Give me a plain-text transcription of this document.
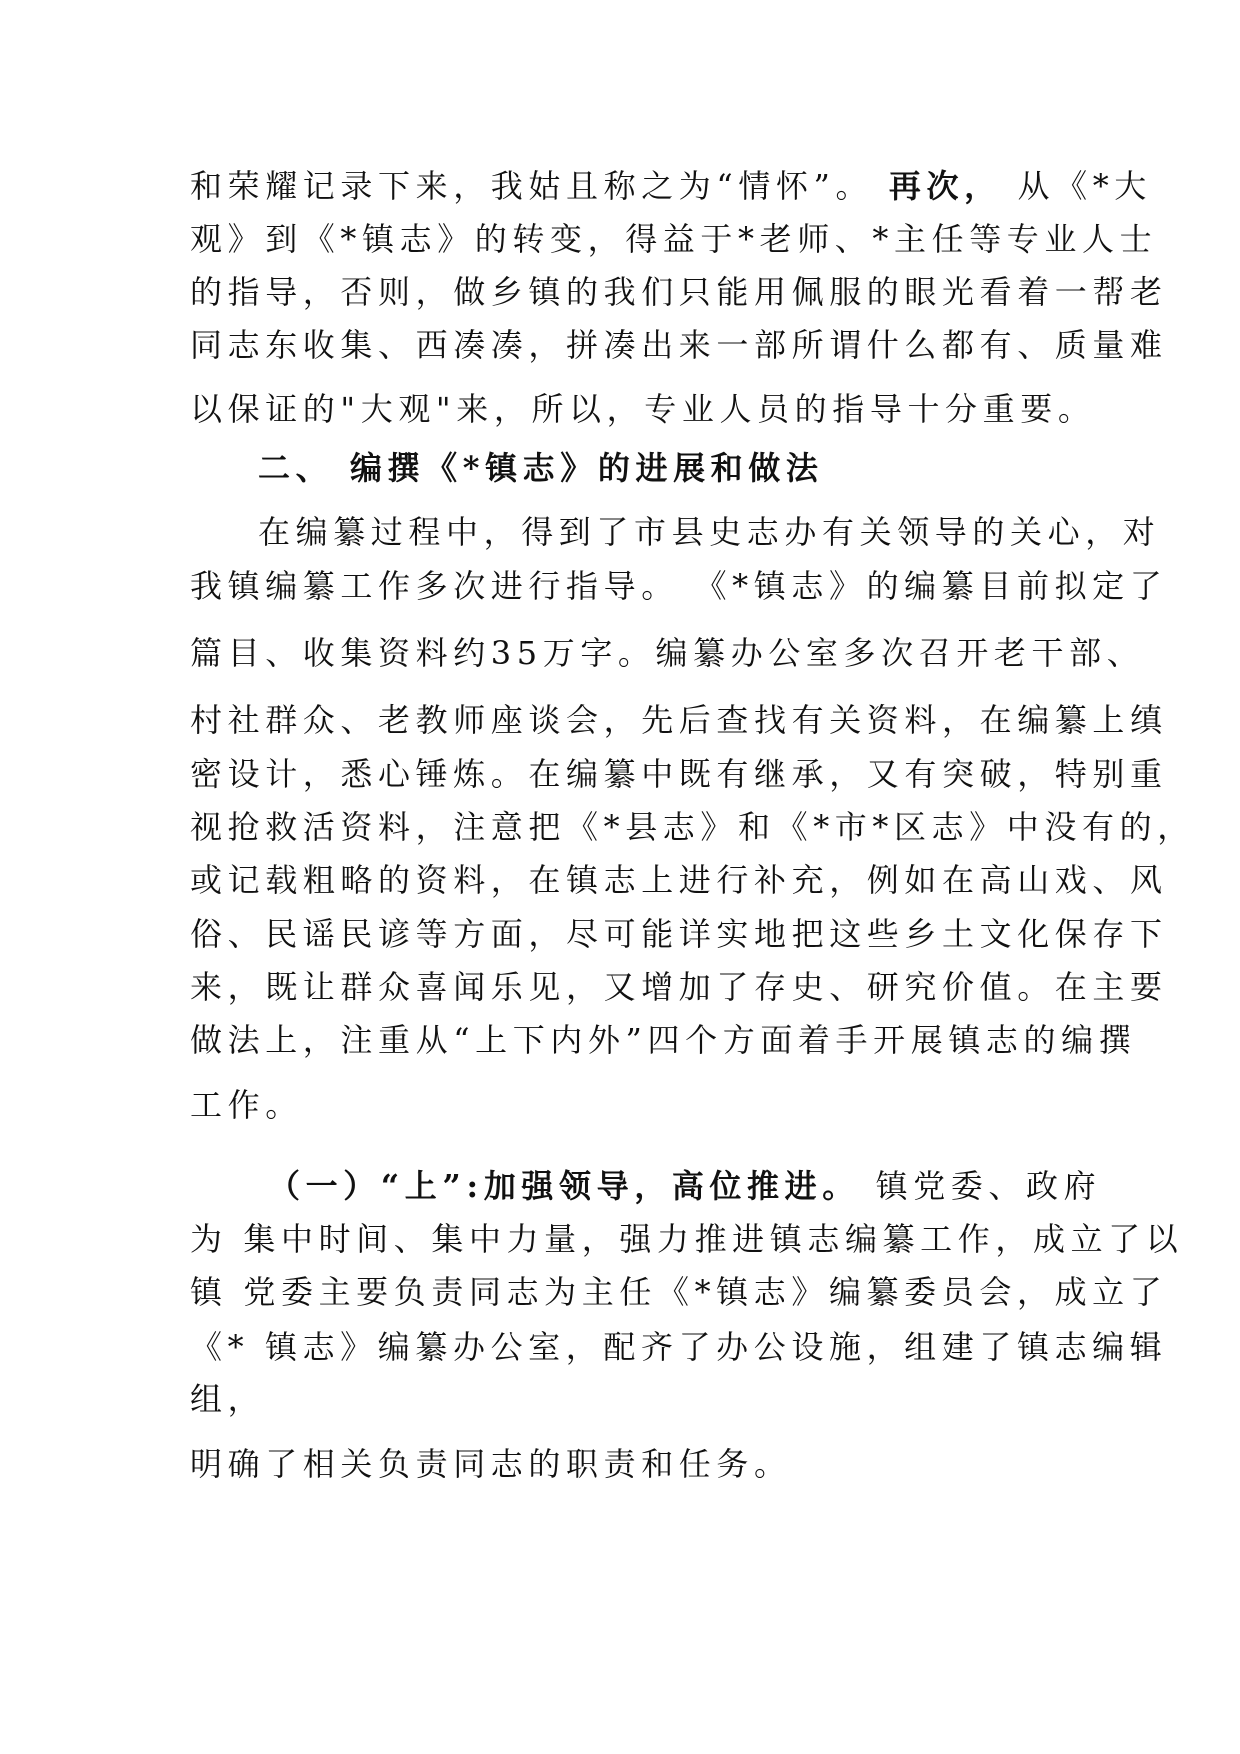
和荣耀记录下来，我姑且称之为“情怀”。 再次， 从《*大
观》到《*镇志》的转变，得益于*老师、*主任等专业人士
的指导，否则，做乡镇的我们只能用佩服的眼光看着一帮老
同志东收集、西凑凑，拼凑出来一部所谓什么都有、质量难
以保证的"大观"来，所以，专业人员的指导十分重要。
二、 编撰《*镇志》的进展和做法
在编纂过程中，得到了市县史志办有关领导的关心，对
我镇编纂工作多次进行指导。 《*镇志》的编纂目前拟定了
篇目、收集资料约35万字。编纂办公室多次召开老干部、
村社群众、老教师座谈会，先后查找有关资料，在编纂上缜
密设计，悉心锤炼。在编纂中既有继承，又有突破，特别重
视抢救活资料，注意把《*县志》和《*市*区志》中没有的，
或记载粗略的资料，在镇志上进行补充，例如在高山戏、风
俗、民谣民谚等方面，尽可能详实地把这些乡土文化保存下
来，既让群众喜闻乐见，又增加了存史、研究价值。在主要
做法上，注重从“上下内外”四个方面着手开展镇志的编撰
工作。
（一）“上”:加强领导，高位推进。 镇党委、政府
为 集中时间、集中力量，强力推进镇志编纂工作，成立了以
镇 党委主要负责同志为主任《*镇志》编纂委员会，成立了
《* 镇志》编纂办公室，配齐了办公设施，组建了镇志编辑
组，
明确了相关负责同志的职责和任务。
